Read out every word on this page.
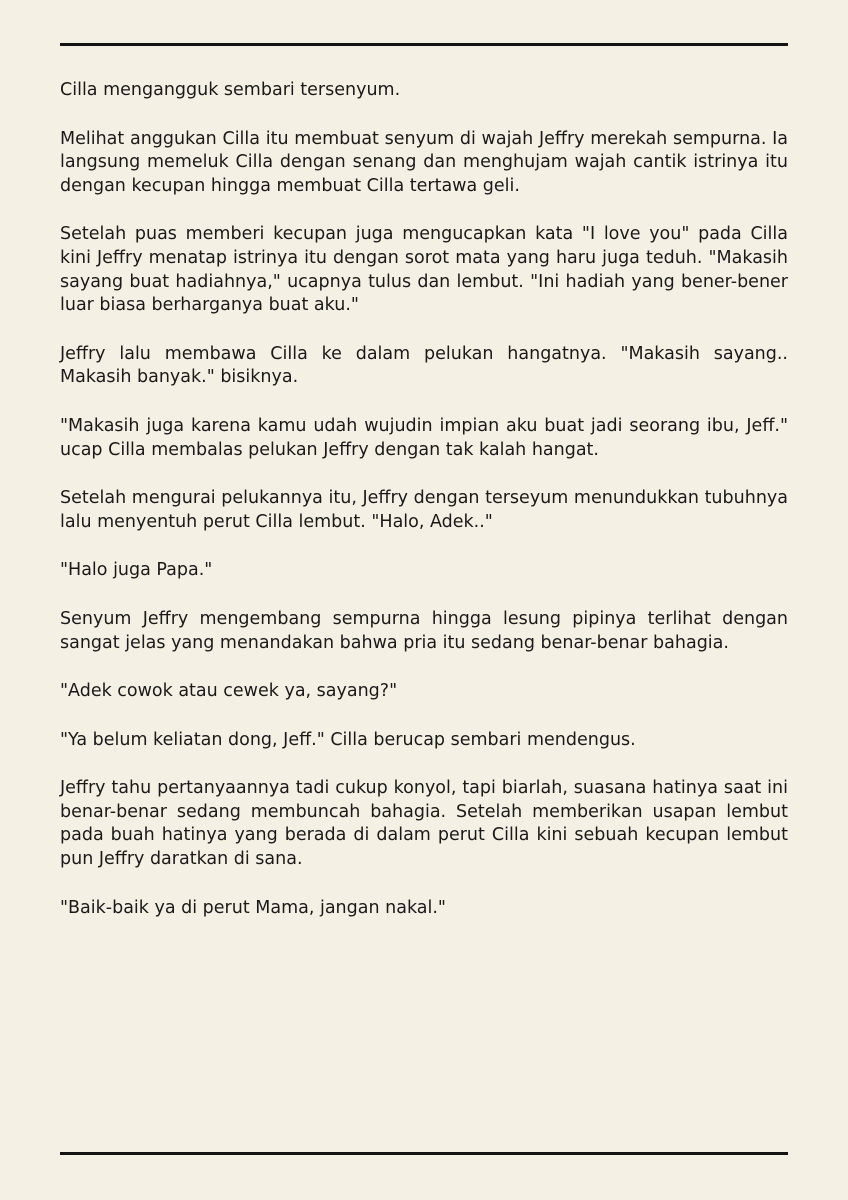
Cilla mengangguk sembari tersenyum.

Melihat anggukan Cilla itu membuat senyum di wajah Jeffry merekah sempurna. Ia langsung memeluk Cilla dengan senang dan menghujam wajah cantik istrinya itu dengan kecupan hingga membuat Cilla tertawa geli.

Setelah puas memberi kecupan juga mengucapkan kata "I love you" pada Cilla kini Jeffry menatap istrinya itu dengan sorot mata yang haru juga teduh. "Makasih sayang buat hadiahnya," ucapnya tulus dan lembut. "Ini hadiah yang bener-bener luar biasa berharganya buat aku."

Jeffry lalu membawa Cilla ke dalam pelukan hangatnya. "Makasih sayang.. Makasih banyak." bisiknya.

"Makasih juga karena kamu udah wujudin impian aku buat jadi seorang ibu, Jeff." ucap Cilla membalas pelukan Jeffry dengan tak kalah hangat.

Setelah mengurai pelukannya itu, Jeffry dengan terseyum menundukkan tubuhnya lalu menyentuh perut Cilla lembut. "Halo, Adek.."

"Halo juga Papa."

Senyum Jeffry mengembang sempurna hingga lesung pipinya terlihat dengan sangat jelas yang menandakan bahwa pria itu sedang benar-benar bahagia.

"Adek cowok atau cewek ya, sayang?"

"Ya belum keliatan dong, Jeff." Cilla berucap sembari mendengus.

Jeffry tahu pertanyaannya tadi cukup konyol, tapi biarlah, suasana hatinya saat ini benar-benar sedang membuncah bahagia. Setelah memberikan usapan lembut pada buah hatinya yang berada di dalam perut Cilla kini sebuah kecupan lembut pun Jeffry daratkan di sana.

"Baik-baik ya di perut Mama, jangan nakal."
